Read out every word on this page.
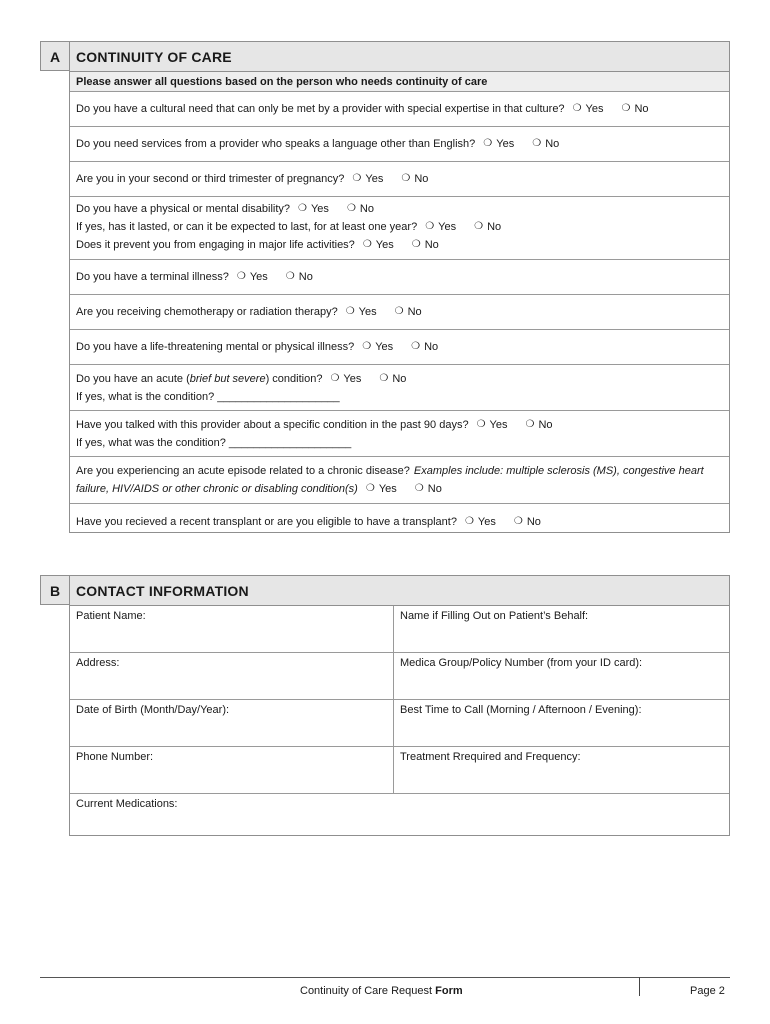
A	CONTINUITY OF CARE
Please answer all questions based on the person who needs continuity of care
Do you have a cultural need that can only be met by a provider with special expertise in that culture? ❍ Yes ❍ No
Do you need services from a provider who speaks a language other than English? ❍ Yes ❍ No
Are you in your second or third trimester of pregnancy? ❍ Yes ❍ No
Do you have a physical or mental disability? ❍ Yes ❍ No
If yes, has it lasted, or can it be expected to last, for at least one year? ❍ Yes ❍ No
Does it prevent you from engaging in major life activities? ❍ Yes ❍ No
Do you have a terminal illness? ❍ Yes ❍ No
Are you receiving chemotherapy or radiation therapy? ❍ Yes ❍ No
Do you have a life-threatening mental or physical illness? ❍ Yes ❍ No
Do you have an acute (brief but severe) condition? ❍ Yes ❍ No
If yes, what is the condition? ____________________
Have you talked with this provider about a specific condition in the past 90 days? ❍ Yes ❍ No
If yes, what was the condition? ____________________
Are you experiencing an acute episode related to a chronic disease? Examples include: multiple sclerosis (MS), congestive heart
failure, HIV/AIDS or other chronic or disabling condition(s) ❍ Yes ❍ No
Have you recieved a recent transplant or are you eligible to have a transplant? ❍ Yes ❍ No
B	CONTACT INFORMATION
Patient Name:	Name if Filling Out on Patient’s Behalf:
Address:	Medica Group/Policy Number (from your ID card):
Date of Birth (Month/Day/Year):	Best Time to Call (Morning / Afternoon / Evening):
Phone Number:	Treatment Rrequired and Frequency:
Current Medications:
Continuity of Care Request Form	Page 2
